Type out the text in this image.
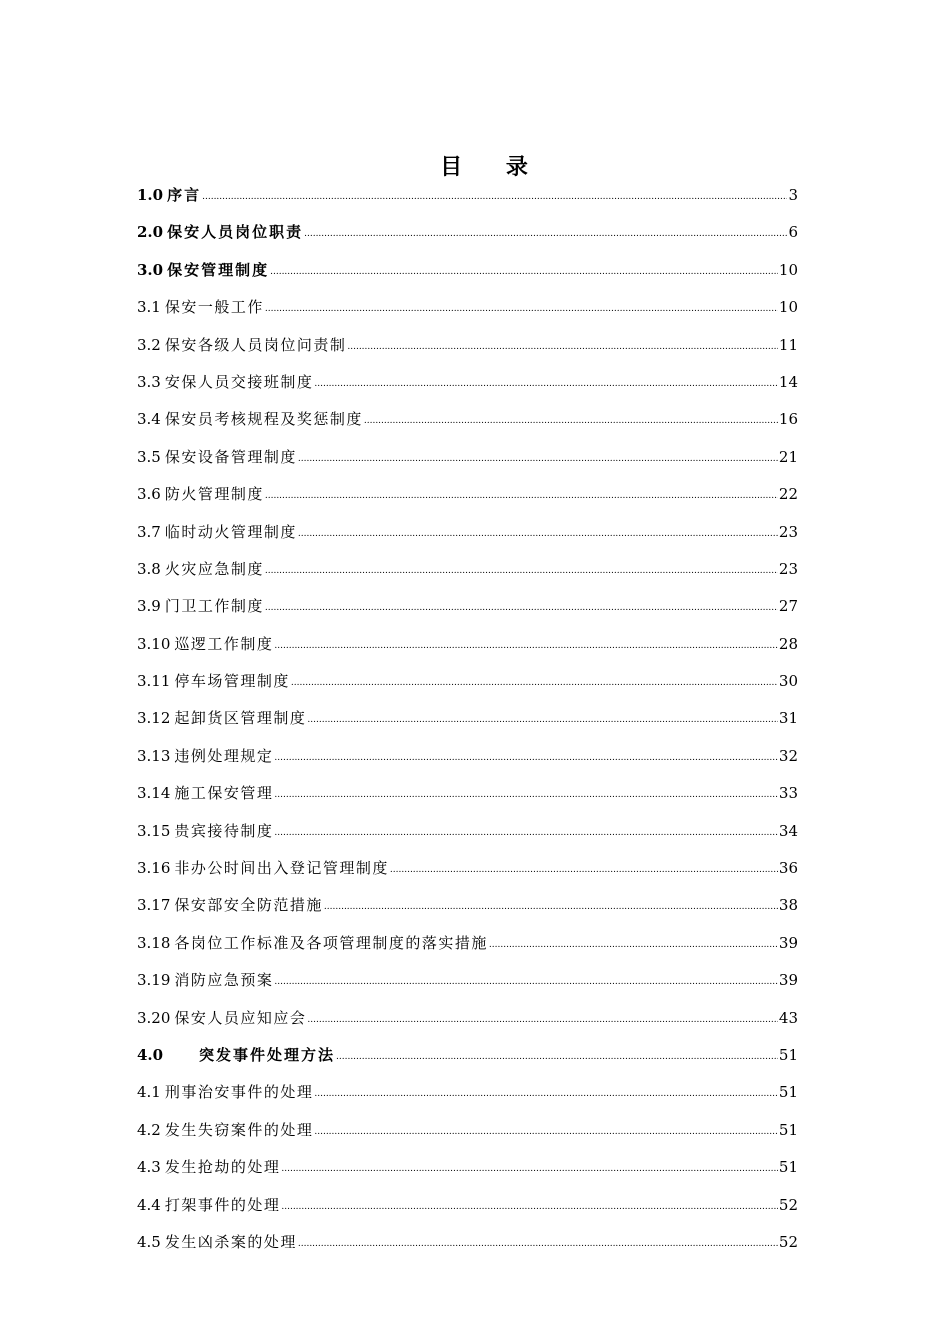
目 录
1.0 序言 .....	3
2.0 保安人员岗位职责 .....	6
3.0 保安管理制度 .....	10
3.1 保安一般工作 .....	10
3.2 保安各级人员岗位问责制 .....	11
3.3 安保人员交接班制度 .....	14
3.4 保安员考核规程及奖惩制度 .....	16
3.5 保安设备管理制度 .....	21
3.6 防火管理制度 .....	22
3.7 临时动火管理制度 .....	23
3.8 火灾应急制度 .....	23
3.9 门卫工作制度 .....	27
3.10 巡逻工作制度 .....	28
3.11 停车场管理制度 .....	30
3.12 起卸货区管理制度 .....	31
3.13 违例处理规定 .....	32
3.14 施工保安管理 .....	33
3.15 贵宾接待制度 .....	34
3.16 非办公时间出入登记管理制度 .....	36
3.17 保安部安全防范措施 .....	38
3.18 各岗位工作标准及各项管理制度的落实措施 .....	39
3.19 消防应急预案 .....	39
3.20 保安人员应知应会 .....	43
4.0	突发事件处理方法 .....	51
4.1 刑事治安事件的处理 .....	51
4.2 发生失窃案件的处理 .....	51
4.3 发生抢劫的处理 .....	51
4.4 打架事件的处理 .....	52
4.5 发生凶杀案的处理 .....	52
